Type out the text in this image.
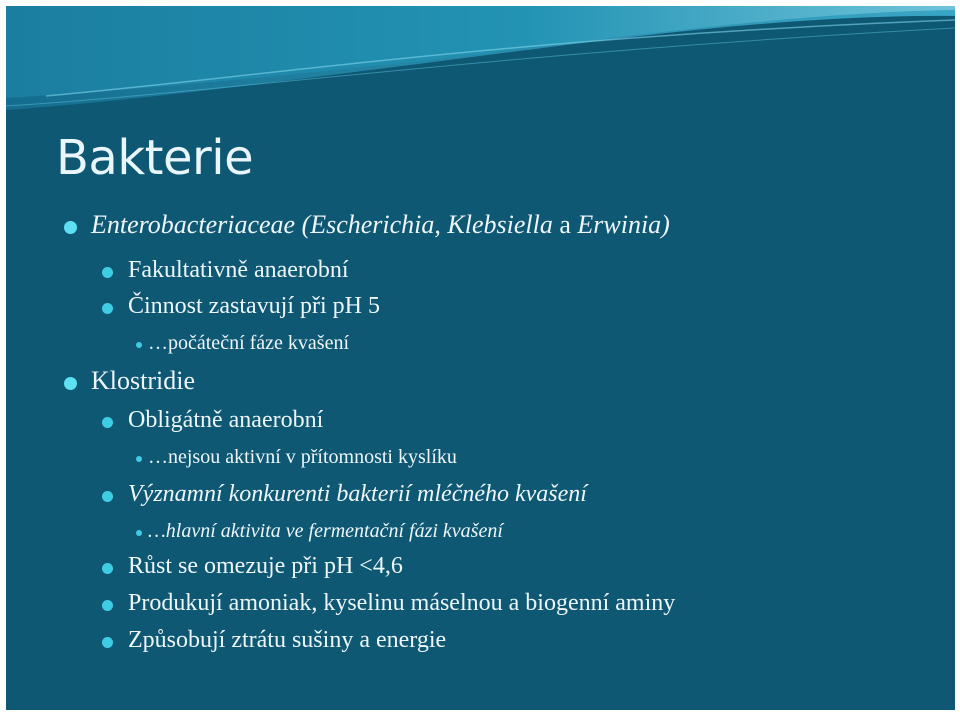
Bakterie
Enterobacteriaceae (Escherichia, Klebsiella a Erwinia)
Fakultativně anaerobní
Činnost zastavují při pH 5
…počáteční fáze kvašení
Klostridie
Obligátně anaerobní
…nejsou aktivní v přítomnosti kyslíku
Významní konkurenti bakterií mléčného kvašení
…hlavní aktivita ve fermentační fázi kvašení
Růst se omezuje při pH <4,6
Produkují amoniak, kyselinu máselnou a biogenní aminy
Způsobují ztrátu sušiny a energie
